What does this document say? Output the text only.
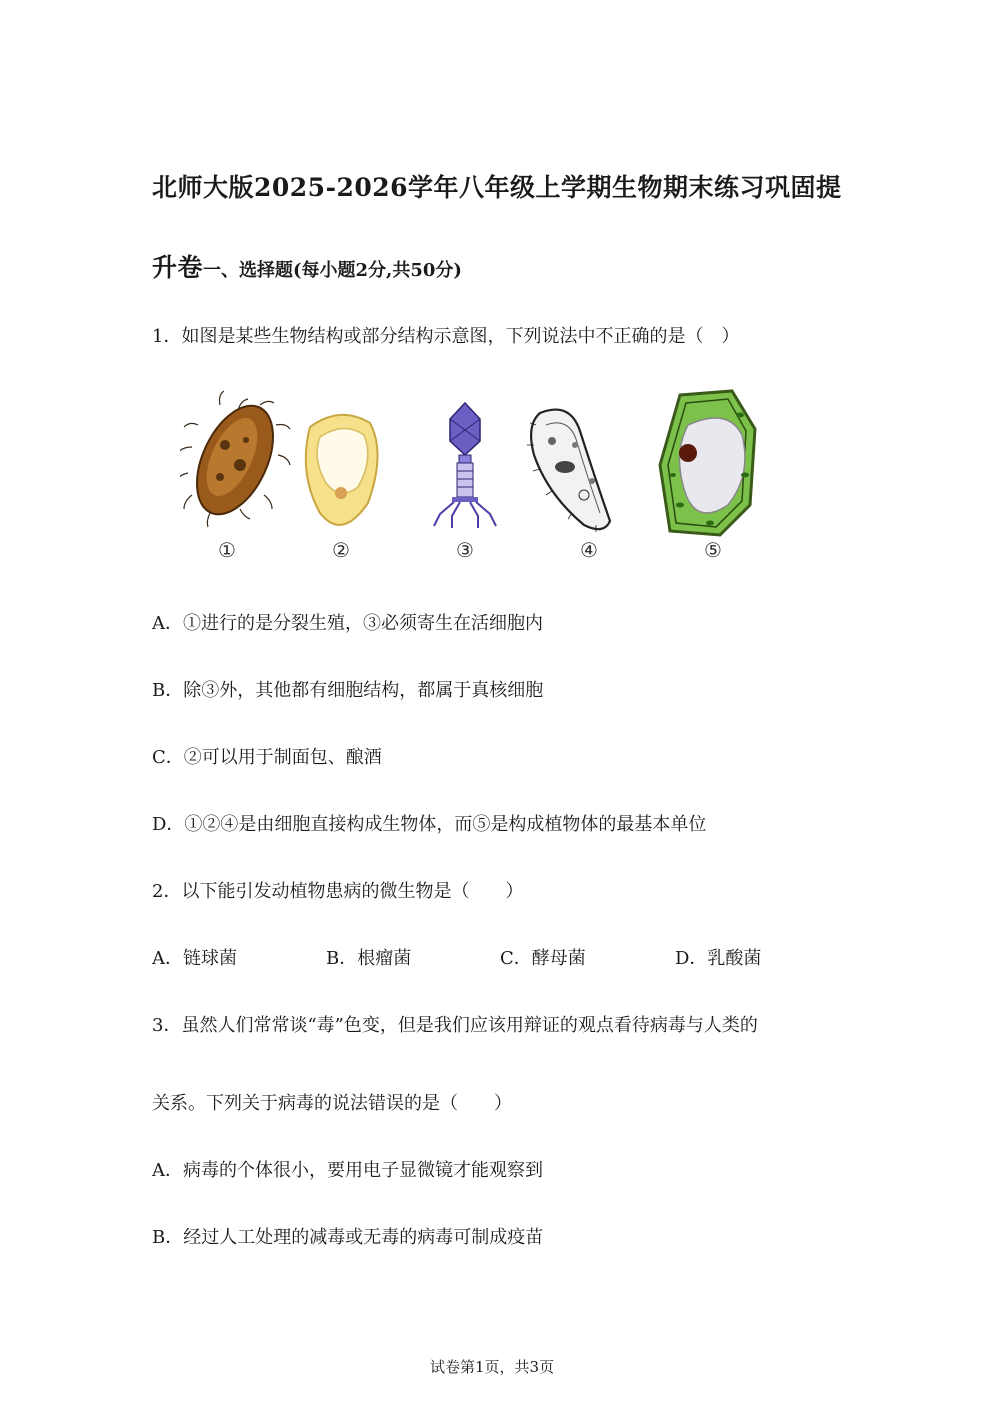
北师大版2025-2026学年八年级上学期生物期末练习巩固提
升卷一、选择题(每小题2分,共50分)
1．如图是某些生物结构或部分结构示意图，下列说法中不正确的是（　）
①	②	③	④	⑤
A．①进行的是分裂生殖，③必须寄生在活细胞内
B．除③外，其他都有细胞结构，都属于真核细胞
C．②可以用于制面包、酿酒
D．①②④是由细胞直接构成生物体，而⑤是构成植物体的最基本单位
2．以下能引发动植物患病的微生物是（　　）
A．链球菌	B．根瘤菌	C．酵母菌	D．乳酸菌
3．虽然人们常常谈“毒”色变，但是我们应该用辩证的观点看待病毒与人类的
关系。下列关于病毒的说法错误的是（　　）
A．病毒的个体很小，要用电子显微镜才能观察到
B．经过人工处理的减毒或无毒的病毒可制成疫苗
试卷第1页，共3页
